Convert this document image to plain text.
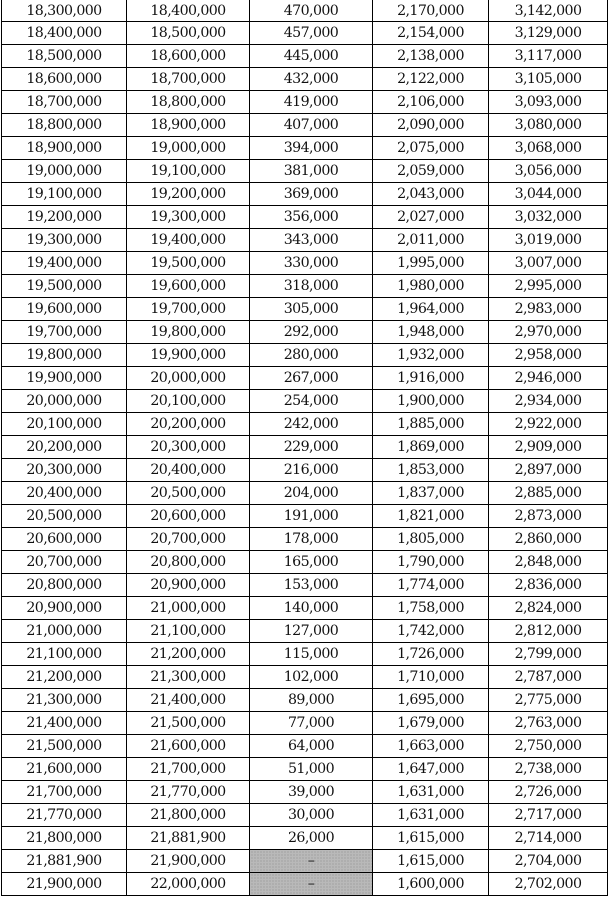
18,300,000	18,400,000	470,000	2,170,000	3,142,000
18,400,000	18,500,000	457,000	2,154,000	3,129,000
18,500,000	18,600,000	445,000	2,138,000	3,117,000
18,600,000	18,700,000	432,000	2,122,000	3,105,000
18,700,000	18,800,000	419,000	2,106,000	3,093,000
18,800,000	18,900,000	407,000	2,090,000	3,080,000
18,900,000	19,000,000	394,000	2,075,000	3,068,000
19,000,000	19,100,000	381,000	2,059,000	3,056,000
19,100,000	19,200,000	369,000	2,043,000	3,044,000
19,200,000	19,300,000	356,000	2,027,000	3,032,000
19,300,000	19,400,000	343,000	2,011,000	3,019,000
19,400,000	19,500,000	330,000	1,995,000	3,007,000
19,500,000	19,600,000	318,000	1,980,000	2,995,000
19,600,000	19,700,000	305,000	1,964,000	2,983,000
19,700,000	19,800,000	292,000	1,948,000	2,970,000
19,800,000	19,900,000	280,000	1,932,000	2,958,000
19,900,000	20,000,000	267,000	1,916,000	2,946,000
20,000,000	20,100,000	254,000	1,900,000	2,934,000
20,100,000	20,200,000	242,000	1,885,000	2,922,000
20,200,000	20,300,000	229,000	1,869,000	2,909,000
20,300,000	20,400,000	216,000	1,853,000	2,897,000
20,400,000	20,500,000	204,000	1,837,000	2,885,000
20,500,000	20,600,000	191,000	1,821,000	2,873,000
20,600,000	20,700,000	178,000	1,805,000	2,860,000
20,700,000	20,800,000	165,000	1,790,000	2,848,000
20,800,000	20,900,000	153,000	1,774,000	2,836,000
20,900,000	21,000,000	140,000	1,758,000	2,824,000
21,000,000	21,100,000	127,000	1,742,000	2,812,000
21,100,000	21,200,000	115,000	1,726,000	2,799,000
21,200,000	21,300,000	102,000	1,710,000	2,787,000
21,300,000	21,400,000	89,000	1,695,000	2,775,000
21,400,000	21,500,000	77,000	1,679,000	2,763,000
21,500,000	21,600,000	64,000	1,663,000	2,750,000
21,600,000	21,700,000	51,000	1,647,000	2,738,000
21,700,000	21,770,000	39,000	1,631,000	2,726,000
21,770,000	21,800,000	30,000	1,631,000	2,717,000
21,800,000	21,881,900	26,000	1,615,000	2,714,000
21,881,900	21,900,000	–	1,615,000	2,704,000
21,900,000	22,000,000	–	1,600,000	2,702,000
